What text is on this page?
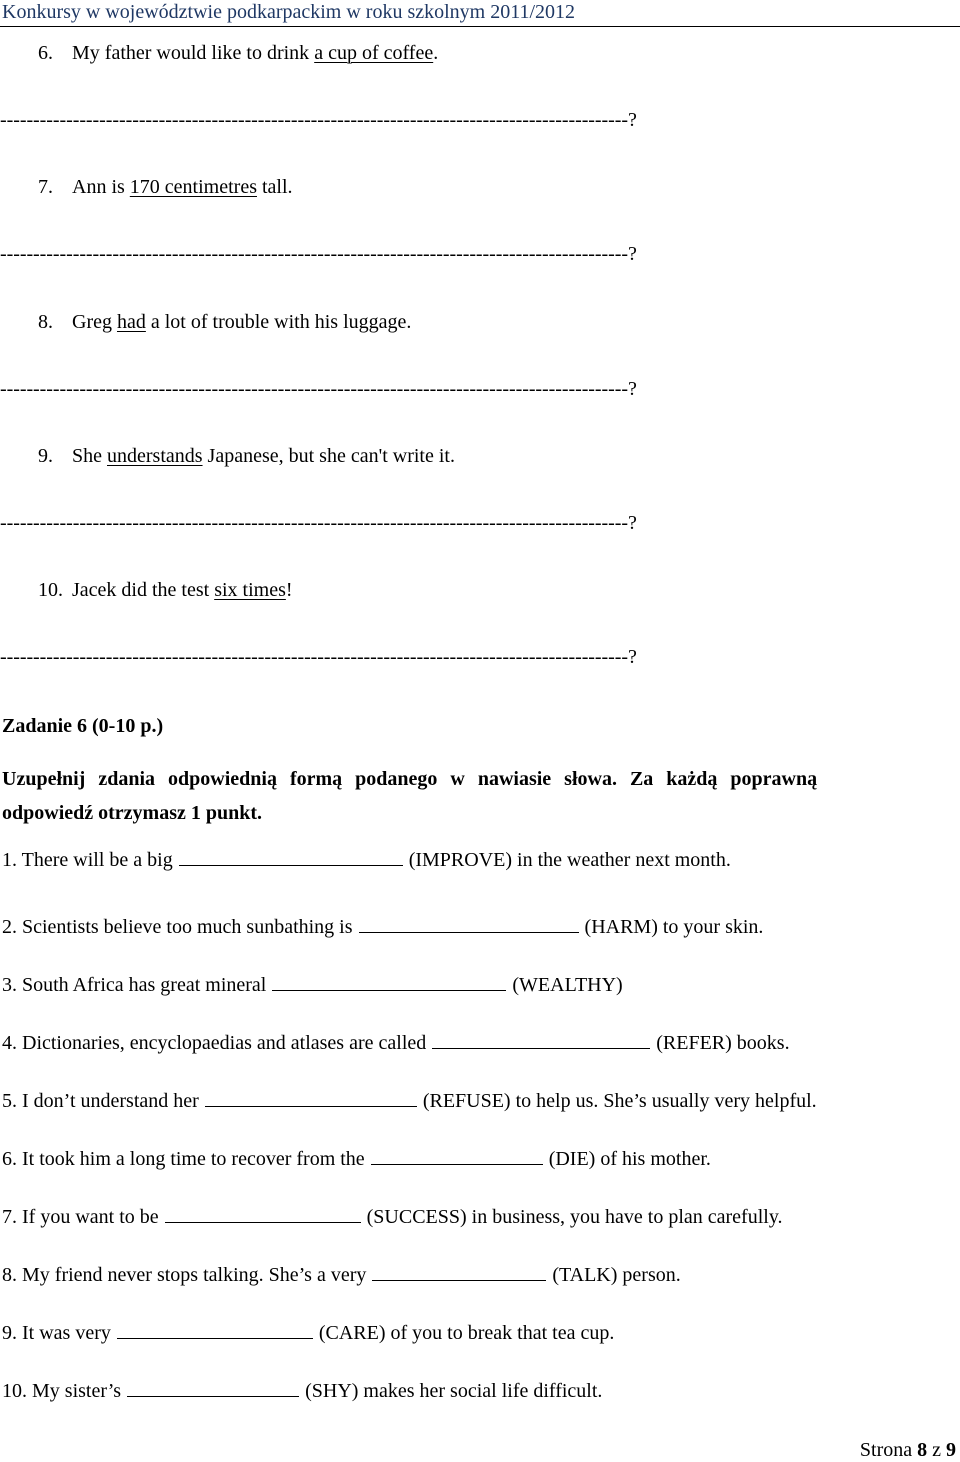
Konkursy w województwie podkarpackim w roku szkolnym 2011/2012
6. My father would like to drink a cup of coffee.
-----------------------------------------------------------------------------------------------?
7. Ann is 170 centimetres tall.
-----------------------------------------------------------------------------------------------?
8. Greg had a lot of trouble with his luggage.
-----------------------------------------------------------------------------------------------?
9. She understands Japanese, but she can't write it.
-----------------------------------------------------------------------------------------------?
10. Jacek did the test six times!
-----------------------------------------------------------------------------------------------?
Zadanie 6 (0-10 p.)
Uzupełnij zdania odpowiednią formą podanego w nawiasie słowa. Za każdą poprawną
odpowiedź otrzymasz 1 punkt.
1. There will be a big	(IMPROVE) in the weather next month.
2. Scientists believe too much sunbathing is	(HARM) to your skin.
3. South Africa has great mineral	(WEALTHY)
4. Dictionaries, encyclopaedias and atlases are called	(REFER) books.
5. I don’t understand her	(REFUSE) to help us. She’s usually very helpful.
6. It took him a long time to recover from the	(DIE) of his mother.
7. If you want to be	(SUCCESS) in business, you have to plan carefully.
8. My friend never stops talking. She’s a very	(TALK) person.
9. It was very	(CARE) of you to break that tea cup.
10. My sister’s	(SHY) makes her social life difficult.
Strona 8 z 9
